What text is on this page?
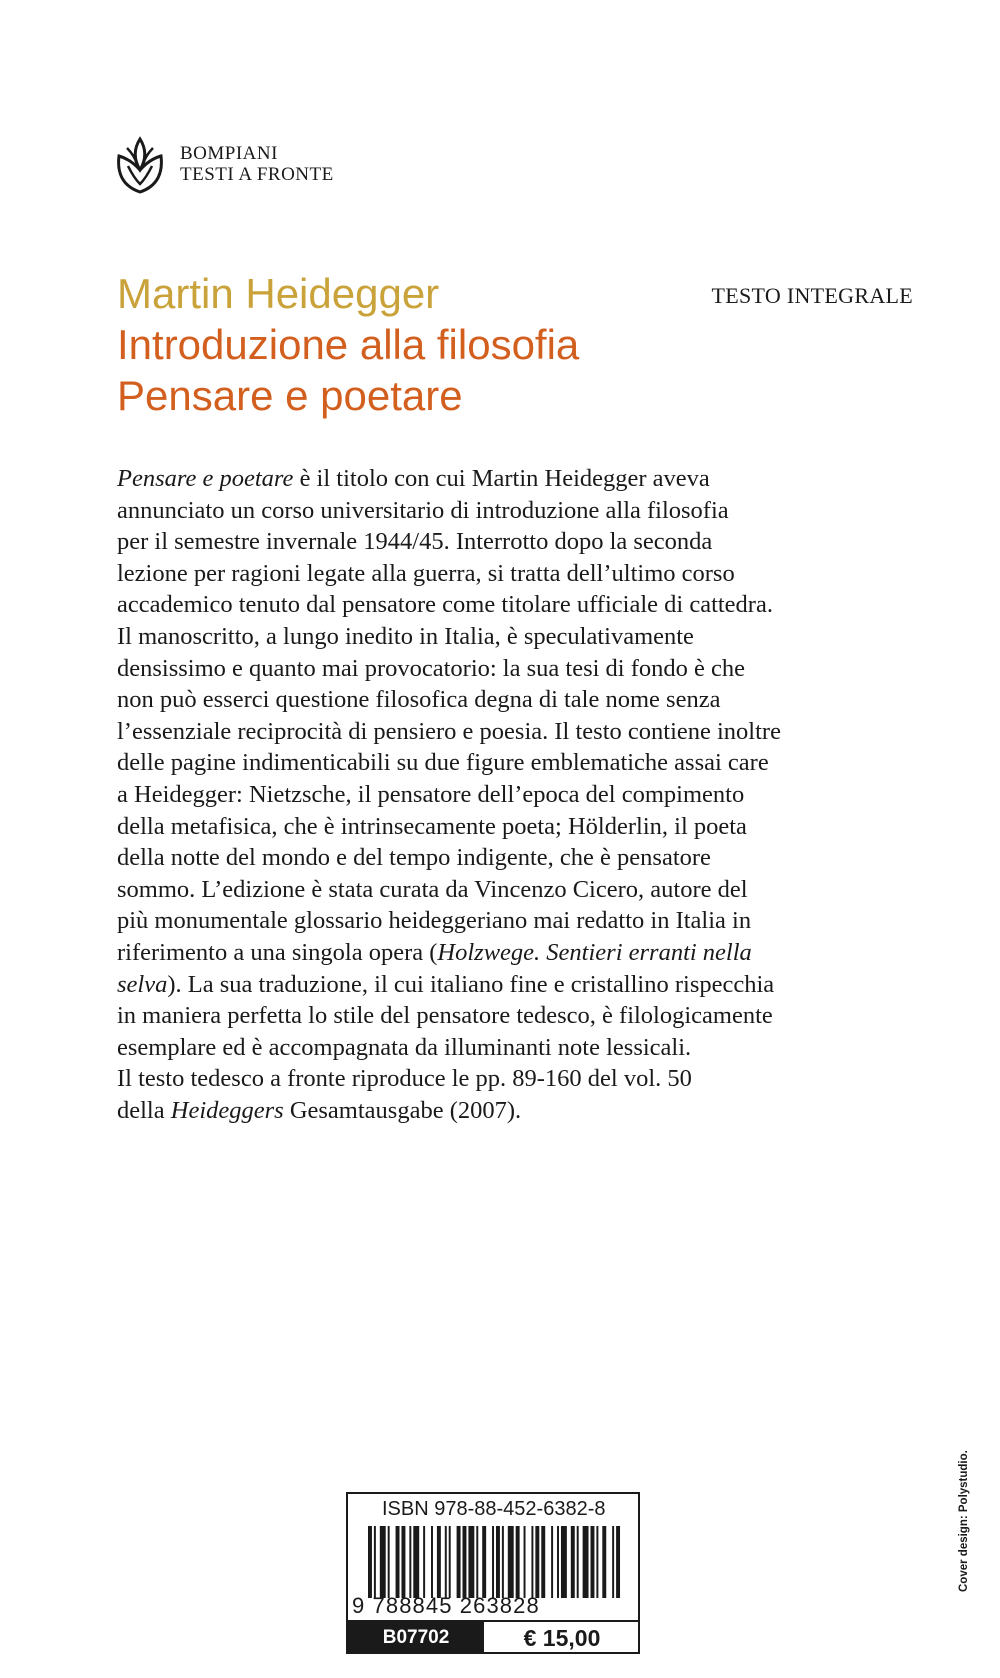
BOMPIANI
TESTI A FRONTE
TESTO INTEGRALE
Martin Heidegger
Introduzione alla filosofia
Pensare e poetare
Pensare e poetare è il titolo con cui Martin Heidegger aveva
annunciato un corso universitario di introduzione alla filosofia
per il semestre invernale 1944/45. Interrotto dopo la seconda
lezione per ragioni legate alla guerra, si tratta dell’ultimo corso
accademico tenuto dal pensatore come titolare ufficiale di cattedra.
Il manoscritto, a lungo inedito in Italia, è speculativamente
densissimo e quanto mai provocatorio: la sua tesi di fondo è che
non può esserci questione filosofica degna di tale nome senza
l’essenziale reciprocità di pensiero e poesia. Il testo contiene inoltre
delle pagine indimenticabili su due figure emblematiche assai care
a Heidegger: Nietzsche, il pensatore dell’epoca del compimento
della metafisica, che è intrinsecamente poeta; Hölderlin, il poeta
della notte del mondo e del tempo indigente, che è pensatore
sommo. L’edizione è stata curata da Vincenzo Cicero, autore del
più monumentale glossario heideggeriano mai redatto in Italia in
riferimento a una singola opera (Holzwege. Sentieri erranti nella
selva). La sua traduzione, il cui italiano fine e cristallino rispecchia
in maniera perfetta lo stile del pensatore tedesco, è filologicamente
esemplare ed è accompagnata da illuminanti note lessicali.
Il testo tedesco a fronte riproduce le pp. 89-160 del vol. 50
della Heideggers Gesamtausgabe (2007).
Cover design: Polystudio.
ISBN 978-88-452-6382-8
9 788845 263828
B07702	€ 15,00
